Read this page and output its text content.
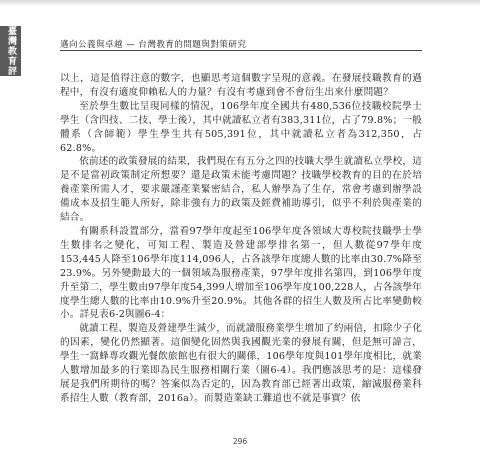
臺灣教育評
邁向公義與卓越 — 台灣教育的問題與對策研究

以上，這是值得注意的數字，也顯思考這個數字呈現的意義。在發展技職教育的過程中，有沒有適度仰賴私人的力量？有沒有考慮到會不會衍生出來什麼問題？

至於學生數比呈現同樣的情況，106學年度全國共有480,536位技職校院學士學生（含四技、二技、學士後），其中就讀私立者有383,311位，占了79.8%；一般體系（含師範）學生學生共有505,391位，其中就讀私立者為312,350，占62.8%。

依前述的政策發展的結果，我們現在有五分之四的技職大學生就讀私立學校，這是不是當初政策制定所想要？還是政策未能考慮問題？技職學校教育的目的在於培養產業所需人才，要求嚴謹產業緊密結合，私人辦學為了生存，常會考慮到辦學設備成本及招生範人所好，除非強有力的政策及經費補助導引，似乎不利於與產業的結合。

有關系科設置部分，當看97學年度起至106學年度各領域大專校院技職學士學生數排名之變化，可知工程、製造及營建部學排名第一，但人數從97學年度153,445人降至106學年度114,096人，占各該學年度總人數的比率由30.7%降至23.9%。另外變動最大的一個領域為服務產業，97學年度排名第四，到106學年度升至第二，學生數由97學年度54,399人增加至106學年度100,228人，占各該學年度學生總人數的比率由10.9%升至20.9%。其他各群的招生人數及所占比率變動較小。詳見表6-2與圖6-4：

就讀工程、製造及營建學生減少，而就讀服務業學生增加了約兩倍，扣除少子化的因素，變化仍然顯著。這個變化固然與我國觀光業的發展有關，但是無可諱言，學生一窩蜂專攻觀光餐飲旅館也有很大的關係，106學年度與101學年度相比，就業人數增加最多的行業即為民生服務相關行業（圖6-4）。我們應該思考的是：這樣發展是我們所期待的嗎？答案似為否定的，因為教育部已經著出政策，縮減服務業科系招生人數（教育部，2016a）。而製造業缺工難道也不就是事實？依

296
